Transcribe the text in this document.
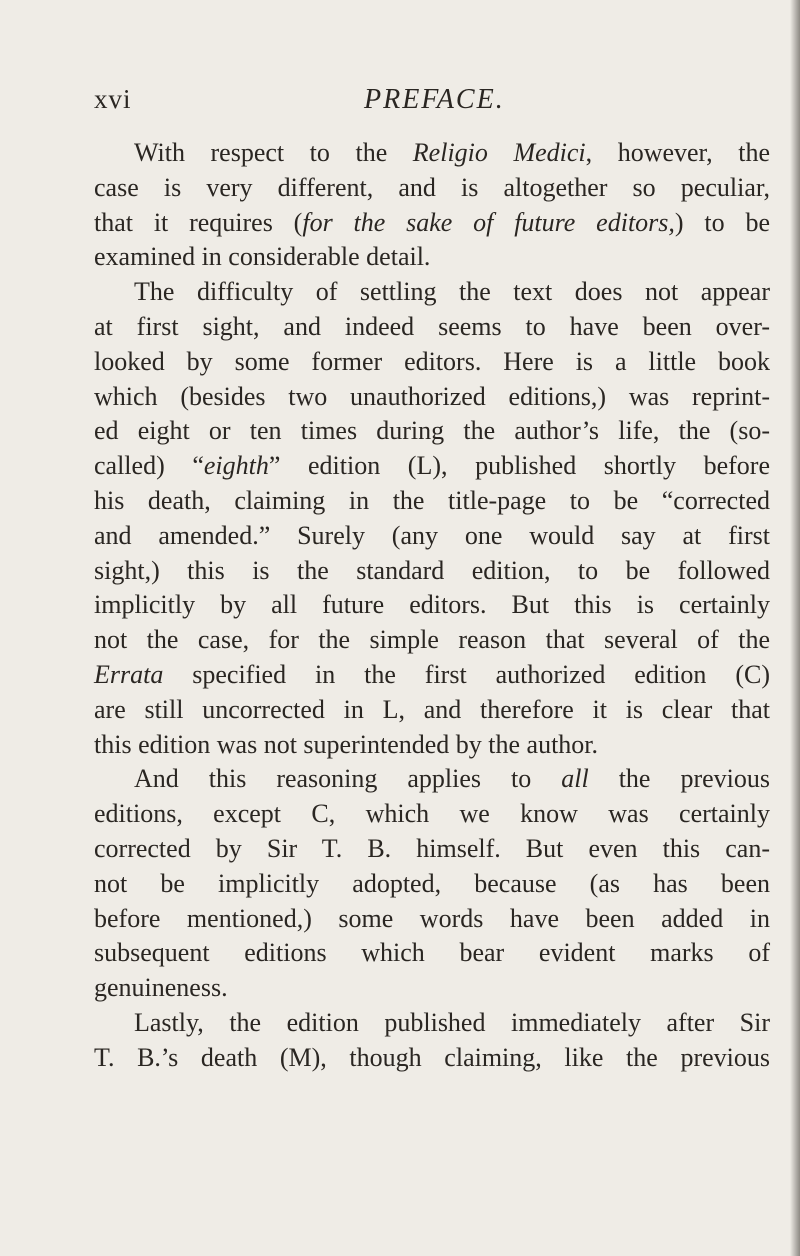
xvi	PREFACE.
With respect to the Religio Medici, however, the
case is very different, and is altogether so peculiar,
that it requires (for the sake of future editors,) to be
examined in considerable detail.
The difficulty of settling the text does not appear
at first sight, and indeed seems to have been over-
looked by some former editors. Here is a little book
which (besides two unauthorized editions,) was reprint-
ed eight or ten times during the author’s life, the (so-
called) “eighth” edition (L), published shortly before
his death, claiming in the title-page to be “corrected
and amended.” Surely (any one would say at first
sight,) this is the standard edition, to be followed
implicitly by all future editors. But this is certainly
not the case, for the simple reason that several of the
Errata specified in the first authorized edition (C)
are still uncorrected in L, and therefore it is clear that
this edition was not superintended by the author.
And this reasoning applies to all the previous
editions, except C, which we know was certainly
corrected by Sir T. B. himself. But even this can-
not be implicitly adopted, because (as has been
before mentioned,) some words have been added in
subsequent editions which bear evident marks of
genuineness.
Lastly, the edition published immediately after Sir
T. B.’s death (M), though claiming, like the previous
